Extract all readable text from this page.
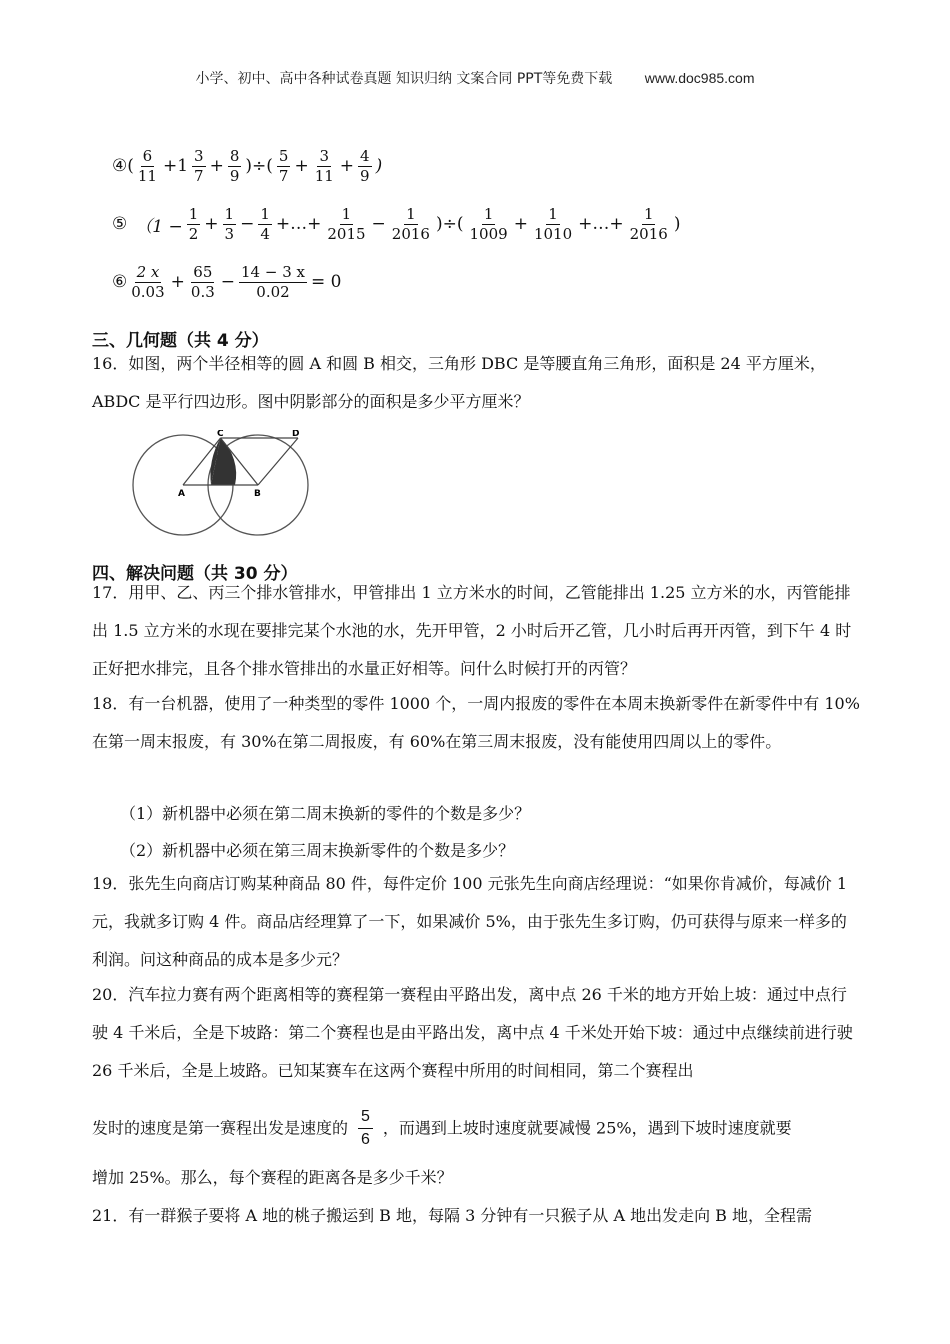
小学、初中、高中各种试卷真题 知识归纳 文案合同 PPT等免费下载 www.doc985.com
④( $\frac{6}{11} +1 \frac{3}{7} + \frac{8}{9}$ )÷( $\frac{5}{7} + \frac{3}{11} + \frac{4}{9}$ )
⑤ （$1 - \frac{1}{2} + \frac{1}{3} - \frac{1}{4}$ +…+ $\frac{1}{2015} - \frac{1}{2016}$ )÷( $\frac{1}{1009} + \frac{1}{1010}$ +…+ $\frac{1}{2016}$ )
⑥ $\frac{2 x}{0.03} + \frac{65}{0.3} - \frac{14 - 3 x}{0.02} = 0$
三、几何题（共 4 分）
16．如图，两个半径相等的圆 A 和圆 B 相交，三角形 DBC 是等腰直角三角形，面积是 24 平方厘米，ABDC 是平行四边形。图中阴影部分的面积是多少平方厘米？
A	B
C	D
四、解决问题（共 30 分）
17．用甲、乙、丙三个排水管排水，甲管排出 1 立方米水的时间，乙管能排出 1.25 立方米的水，丙管能排出 1.5 立方米的水现在要排完某个水池的水，先开甲管，2 小时后开乙管，几小时后再开丙管，到下午 4 时正好把水排完，且各个排水管排出的水量正好相等。问什么时候打开的丙管？
18．有一台机器，使用了一种类型的零件 1000 个，一周内报废的零件在本周末换新零件在新零件中有 10%在第一周末报废，有 30%在第二周报废，有 60%在第三周末报废，没有能使用四周以上的零件。
（1）新机器中必须在第二周末换新的零件的个数是多少？
（2）新机器中必须在第三周末换新零件的个数是多少？
19．张先生向商店订购某种商品 80 件，每件定价 100 元张先生向商店经理说：“如果你肯减价，每减价 1 元，我就多订购 4 件。商品店经理算了一下，如果减价 5%，由于张先生多订购，仍可获得与原来一样多的利润。问这种商品的成本是多少元？
20．汽车拉力赛有两个距离相等的赛程第一赛程由平路出发，离中点 26 千米的地方开始上坡：通过中点行驶 4 千米后，全是下坡路：第二个赛程也是由平路出发，离中点 4 千米处开始下坡：通过中点继续前进行驶 26 千米后，全是上坡路。已知某赛车在这两个赛程中所用的时间相同，第二个赛程出
发时的速度是第一赛程出发是速度的 $\frac{5}{6}$ ，而遇到上坡时速度就要减慢 25%，遇到下坡时速度就要
增加 25%。那么，每个赛程的距离各是多少千米？
21．有一群猴子要将 A 地的桃子搬运到 B 地，每隔 3 分钟有一只猴子从 A 地出发走向 B 地，全程需
